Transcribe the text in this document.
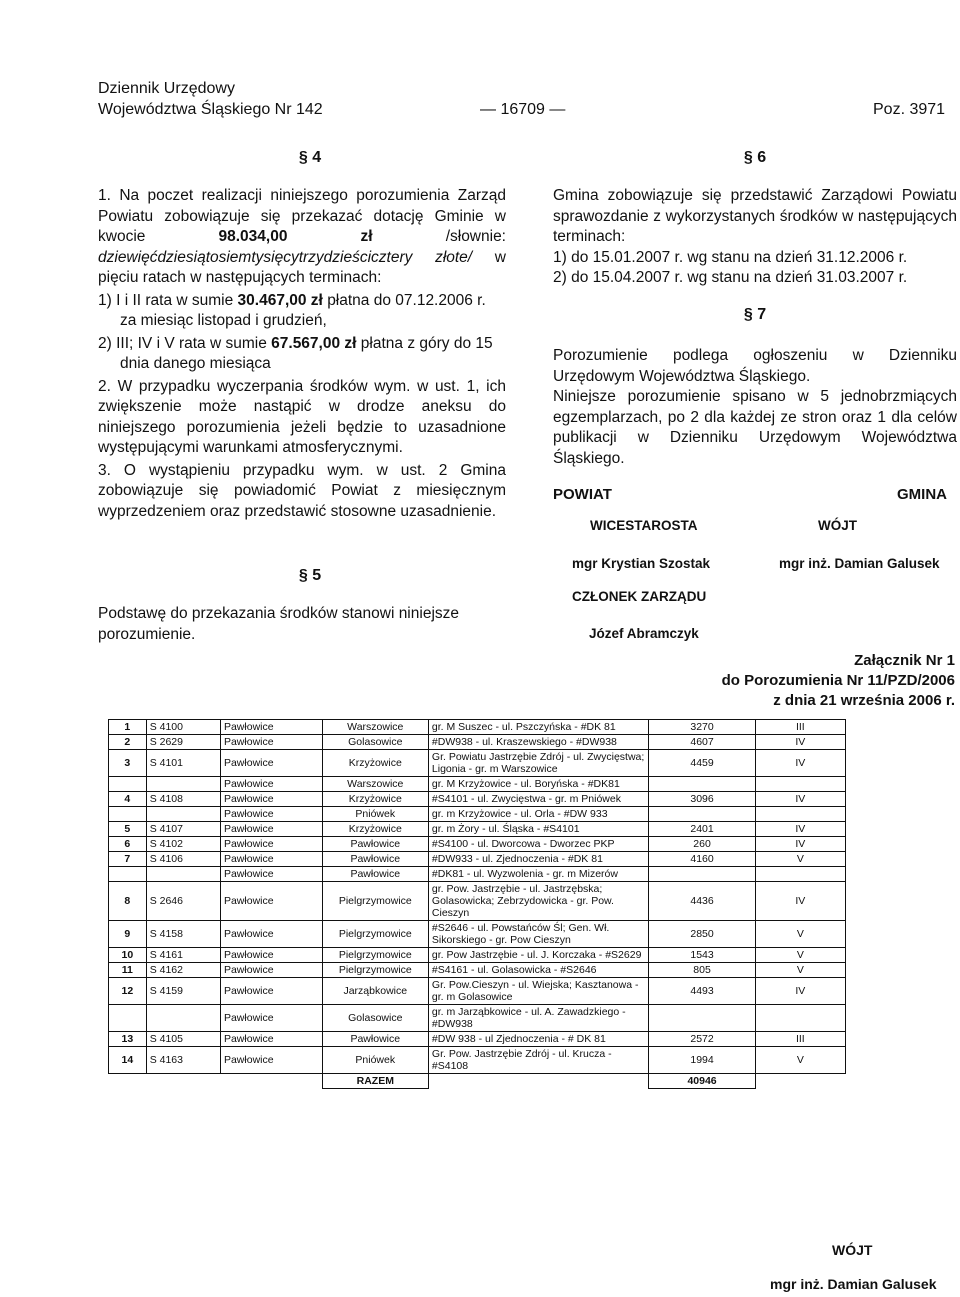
Dziennik Urzędowy
Województwa Śląskiego Nr 142	— 16709 —	Poz. 3971
§ 4

1. Na poczet realizacji niniejszego porozumienia Zarząd Powiatu zobowiązuje się przekazać dotację Gminie w kwocie	98.034,00 zł	/słownie: dziewięćdziesiątosiemtysięcytrzydzieścicztery złote/ w pięciu ratach w następujących terminach:

1) I i II rata w sumie 30.467,00 zł płatna do 07.12.2006 r. za miesiąc listopad i grudzień,

2) III; IV i V rata w sumie 67.567,00 zł płatna z góry do 15 dnia danego miesiąca

2. W przypadku wyczerpania środków wym. w ust. 1, ich zwiększenie może nastąpić w drodze aneksu do niniejszego porozumienia jeżeli będzie to uzasadnione występującymi warunkami atmosferycznymi.

3. O wystąpieniu przypadku wym. w ust. 2 Gmina zobowiązuje się powiadomić Powiat z miesięcznym wyprzedzeniem oraz przedstawić stosowne uzasadnienie.

§ 5
Podstawę do przekazania środków stanowi niniejsze porozumienie.
§ 6

Gmina zobowiązuje się przedstawić Zarządowi Powiatu sprawozdanie z wykorzystanych środków w następujących terminach:

1) do 15.01.2007 r. wg stanu na dzień 31.12.2006 r.

2) do 15.04.2007 r. wg stanu na dzień 31.03.2007 r.

§ 7

Porozumienie podlega ogłoszeniu w Dzienniku Urzędowym Województwa Śląskiego.

Niniejsze porozumienie spisano w 5 jednobrzmiących egzemplarzach, po 2 dla każdej ze stron oraz 1 dla celów publikacji w Dzienniku Urzędowym Województwa Śląskiego.

POWIAT	GMINA
WICESTAROSTA	WÓJT
mgr Krystian Szostak	mgr inż. Damian Galusek
CZŁONEK ZARZĄDU
Józef Abramczyk
Załącznik Nr 1
do Porozumienia Nr 11/PZD/2006
z dnia 21 września 2006 r.
1	S 4100	Pawłowice	Warszowice	gr. M Suszec - ul. Pszczyńska - #DK 81	3270	III
2	S 2629	Pawłowice	Golasowice	#DW938 - ul. Kraszewskiego - #DW938	4607	IV
3	S 4101	Pawłowice	Krzyżowice	Gr. Powiatu Jastrzębie Zdrój - ul. Zwycięstwa; Ligonia - gr. m Warszowice	4459	IV
		Pawłowice	Warszowice	gr. M Krzyżowice - ul. Boryńska - #DK81		
4	S 4108	Pawłowice	Krzyżowice	#S4101 - ul. Zwycięstwa - gr. m Pniówek	3096	IV
		Pawłowice	Pniówek	gr. m Krzyżowice - ul. Orla - #DW 933		
5	S 4107	Pawłowice	Krzyżowice	gr. m Żory - ul. Śląska - #S4101	2401	IV
6	S 4102	Pawłowice	Pawłowice	#S4100 - ul. Dworcowa - Dworzec PKP	260	IV
7	S 4106	Pawłowice	Pawłowice	#DW933 - ul. Zjednoczenia - #DK 81	4160	V
		Pawłowice	Pawłowice	#DK81 - ul. Wyzwolenia - gr. m Mizerów		
8	S 2646	Pawłowice	Pielgrzymowice	gr. Pow. Jastrzębie - ul. Jastrzębska; Golasowicka; Zebrzydowicka - gr. Pow. Cieszyn	4436	IV
9	S 4158	Pawłowice	Pielgrzymowice	#S2646 - ul. Powstańców Śl; Gen. Wł. Sikorskiego - gr. Pow Cieszyn	2850	V
10	S 4161	Pawłowice	Pielgrzymowice	gr. Pow Jastrzębie - ul. J. Korczaka - #S2629	1543	V
11	S 4162	Pawłowice	Pielgrzymowice	#S4161 - ul. Golasowicka - #S2646	805	V
12	S 4159	Pawłowice	Jarząbkowice	Gr. Pow.Cieszyn - ul. Wiejska; Kasztanowa - gr. m Golasowice	4493	IV
		Pawłowice	Golasowice	gr. m Jarząbkowice - ul. A. Zawadzkiego - #DW938		
13	S 4105	Pawłowice	Pawłowice	#DW 938 - ul Zjednoczenia - # DK 81	2572	III
14	S 4163	Pawłowice	Pniówek	Gr. Pow. Jastrzębie Zdrój - ul. Krucza - #S4108	1994	V
			RAZEM		40946	
WÓJT
mgr inż. Damian Galusek
